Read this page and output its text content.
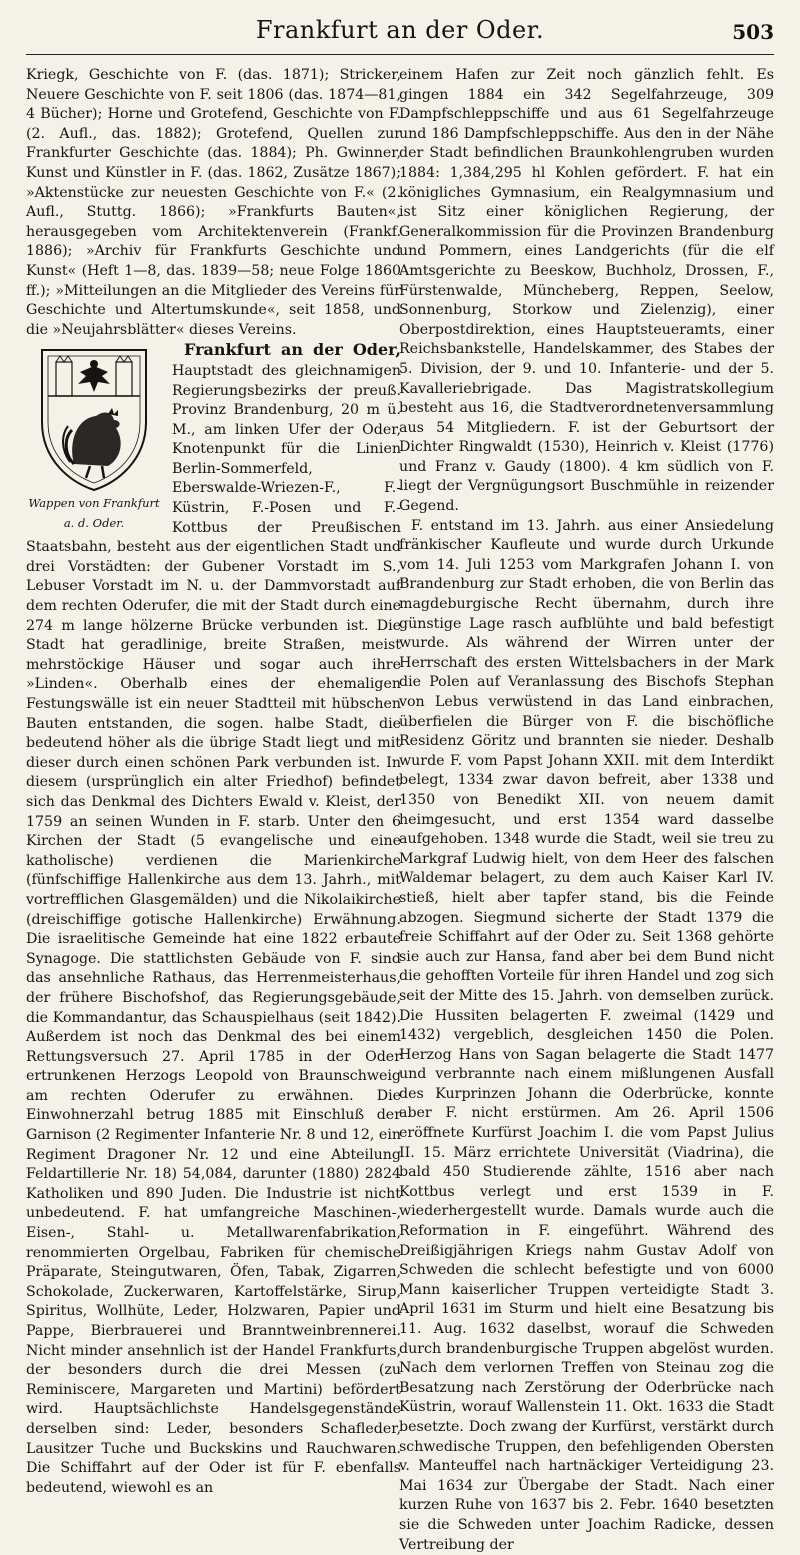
Frankfurt an der Oder.	503

Kriegk, Geschichte von F. (das. 1871); Stricker, Neuere Geschichte von F. seit 1806 (das. 1874—81, 4 Bücher); Horne und Grotefend, Geschichte von F. (2. Aufl., das. 1882); Grotefend, Quellen zur Frankfurter Geschichte (das. 1884); Ph. Gwinner, Kunst und Künstler in F. (das. 1862, Zusätze 1867); »Aktenstücke zur neuesten Geschichte von F.« (2. Aufl., Stuttg. 1866); »Frankfurts Bauten«, herausgegeben vom Architektenverein (Frankf. 1886); »Archiv für Frankfurts Geschichte und Kunst« (Heft 1—8, das. 1839—58; neue Folge 1860 ff.); »Mitteilungen an die Mitglieder des Vereins für Geschichte und Altertumskunde«, seit 1858, und die »Neujahrsblätter« dieses Vereins.

Frankfurt an der Oder,
Wappen von Frankfurt a. d. Oder.
Hauptstadt des gleichnamigen Regierungsbezirks der preuß. Provinz Brandenburg, 20 m ü. M., am linken Ufer der Oder, Knotenpunkt für die Linien Berlin-Sommerfeld, Eberswalde-Wriezen-F., F.-Küstrin, F.-Posen und F.-Kottbus der Preußischen Staatsbahn, besteht aus der eigentlichen Stadt und drei Vorstädten: der Gubener Vorstadt im S., Lebuser Vorstadt im N. u. der Dammvorstadt auf dem rechten Oderufer, die mit der Stadt durch eine 274 m lange hölzerne Brücke verbunden ist. Die Stadt hat geradlinige, breite Straßen, meist mehrstöckige Häuser und sogar auch ihre »Linden«. Oberhalb eines der ehemaligen Festungswälle ist ein neuer Stadtteil mit hübschen Bauten entstanden, die sogen. halbe Stadt, die bedeutend höher als die übrige Stadt liegt und mit dieser durch einen schönen Park verbunden ist. In diesem (ursprünglich ein alter Friedhof) befindet sich das Denkmal des Dichters Ewald v. Kleist, der 1759 an seinen Wunden in F. starb. Unter den 6 Kirchen der Stadt (5 evangelische und eine katholische) verdienen die Marienkirche (fünfschiffige Hallenkirche aus dem 13. Jahrh., mit vortrefflichen Glasgemälden) und die Nikolaikirche (dreischiffige gotische Hallenkirche) Erwähnung. Die israelitische Gemeinde hat eine 1822 erbaute Synagoge. Die stattlichsten Gebäude von F. sind das ansehnliche Rathaus, das Herrenmeisterhaus, der frühere Bischofshof, das Regierungsgebäude, die Kommandantur, das Schauspielhaus (seit 1842). Außerdem ist noch das Denkmal des bei einem Rettungsversuch 27. April 1785 in der Oder ertrunkenen Herzogs Leopold von Braunschweig am rechten Oderufer zu erwähnen. Die Einwohnerzahl betrug 1885 mit Einschluß der Garnison (2 Regimenter Infanterie Nr. 8 und 12, ein Regiment Dragoner Nr. 12 und eine Abteilung Feldartillerie Nr. 18) 54,084, darunter (1880) 2824 Katholiken und 890 Juden. Die Industrie ist nicht unbedeutend. F. hat umfangreiche Maschinen-, Eisen-, Stahl- u. Metallwarenfabrikation, renommierten Orgelbau, Fabriken für chemische Präparate, Steingutwaren, Öfen, Tabak, Zigarren, Schokolade, Zuckerwaren, Kartoffelstärke, Sirup, Spiritus, Wollhüte, Leder, Holzwaren, Papier und Pappe, Bierbrauerei und Branntweinbrennerei. Nicht minder ansehnlich ist der Handel Frankfurts, der besonders durch die drei Messen (zu Reminiscere, Margareten und Martini) befördert wird. Hauptsächlichste Handelsgegenstände derselben sind: Leder, besonders Schafleder, Lausitzer Tuche und Buckskins und Rauchwaren. Die Schiffahrt auf der Oder ist für F. ebenfalls bedeutend, wiewohl es an

einem Hafen zur Zeit noch gänzlich fehlt. Es gingen 1884 ein 342 Segelfahrzeuge, 309 Dampfschleppschiffe und aus 61 Segelfahrzeuge und 186 Dampfschleppschiffe. Aus den in der Nähe der Stadt befindlichen Braunkohlengruben wurden 1884: 1,384,295 hl Kohlen gefördert. F. hat ein königliches Gymnasium, ein Realgymnasium und ist Sitz einer königlichen Regierung, der Generalkommission für die Provinzen Brandenburg und Pommern, eines Landgerichts (für die elf Amtsgerichte zu Beeskow, Buchholz, Drossen, F., Fürstenwalde, Müncheberg, Reppen, Seelow, Sonnenburg, Storkow und Zielenzig), einer Oberpostdirektion, eines Hauptsteueramts, einer Reichsbankstelle, Handelskammer, des Stabes der 5. Division, der 9. und 10. Infanterie- und der 5. Kavalleriebrigade. Das Magistratskollegium besteht aus 16, die Stadtverordnetenversammlung aus 54 Mitgliedern. F. ist der Geburtsort der Dichter Ringwaldt (1530), Heinrich v. Kleist (1776) und Franz v. Gaudy (1800). 4 km südlich von F. liegt der Vergnügungsort Buschmühle in reizender Gegend.

F. entstand im 13. Jahrh. aus einer Ansiedelung fränkischer Kaufleute und wurde durch Urkunde vom 14. Juli 1253 vom Markgrafen Johann I. von Brandenburg zur Stadt erhoben, die von Berlin das magdeburgische Recht übernahm, durch ihre günstige Lage rasch aufblühte und bald befestigt wurde. Als während der Wirren unter der Herrschaft des ersten Wittelsbachers in der Mark die Polen auf Veranlassung des Bischofs Stephan von Lebus verwüstend in das Land einbrachen, überfielen die Bürger von F. die bischöfliche Residenz Göritz und brannten sie nieder. Deshalb wurde F. vom Papst Johann XXII. mit dem Interdikt belegt, 1334 zwar davon befreit, aber 1338 und 1350 von Benedikt XII. von neuem damit heimgesucht, und erst 1354 ward dasselbe aufgehoben. 1348 wurde die Stadt, weil sie treu zu Markgraf Ludwig hielt, von dem Heer des falschen Waldemar belagert, zu dem auch Kaiser Karl IV. stieß, hielt aber tapfer stand, bis die Feinde abzogen. Siegmund sicherte der Stadt 1379 die freie Schiffahrt auf der Oder zu. Seit 1368 gehörte sie auch zur Hansa, fand aber bei dem Bund nicht die gehofften Vorteile für ihren Handel und zog sich seit der Mitte des 15. Jahrh. von demselben zurück. Die Hussiten belagerten F. zweimal (1429 und 1432) vergeblich, desgleichen 1450 die Polen. Herzog Hans von Sagan belagerte die Stadt 1477 und verbrannte nach einem mißlungenen Ausfall des Kurprinzen Johann die Oderbrücke, konnte aber F. nicht erstürmen. Am 26. April 1506 eröffnete Kurfürst Joachim I. die vom Papst Julius II. 15. März errichtete Universität (Viadrina), die bald 450 Studierende zählte, 1516 aber nach Kottbus verlegt und erst 1539 in F. wiederhergestellt wurde. Damals wurde auch die Reformation in F. eingeführt. Während des Dreißigjährigen Kriegs nahm Gustav Adolf von Schweden die schlecht befestigte und von 6000 Mann kaiserlicher Truppen verteidigte Stadt 3. April 1631 im Sturm und hielt eine Besatzung bis 11. Aug. 1632 daselbst, worauf die Schweden durch brandenburgische Truppen abgelöst wurden. Nach dem verlornen Treffen von Steinau zog die Besatzung nach Zerstörung der Oderbrücke nach Küstrin, worauf Wallenstein 11. Okt. 1633 die Stadt besetzte. Doch zwang der Kurfürst, verstärkt durch schwedische Truppen, den befehligenden Obersten v. Manteuffel nach hartnäckiger Verteidigung 23. Mai 1634 zur Übergabe der Stadt. Nach einer kurzen Ruhe von 1637 bis 2. Febr. 1640 besetzten sie die Schweden unter Joachim Radicke, dessen Vertreibung der
